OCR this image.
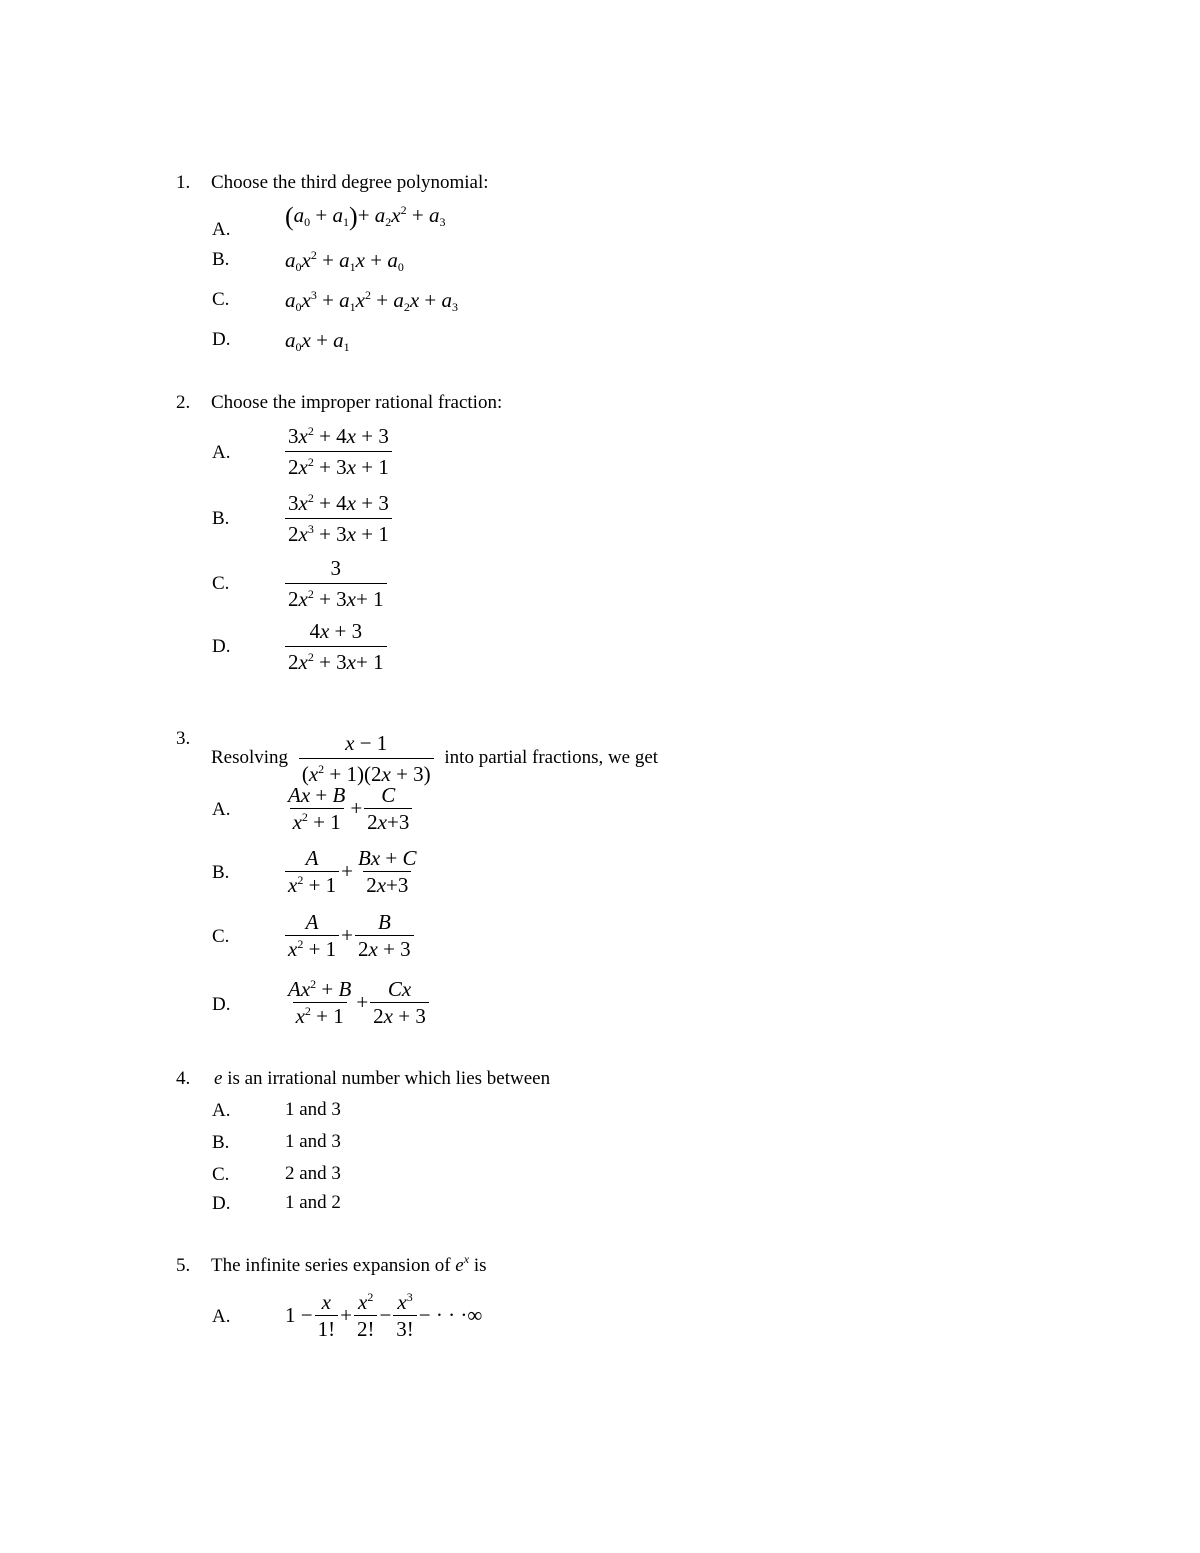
1. Choose the third degree polynomial:
A. $(a_0 + a_1)+ a_2x^2 + a_3$
B.	$a_0x^2 + a_1x + a_0$
C.	$a_0x^3 + a_1x^2 + a_2x + a_3$
D.	$a_0x + a_1$
2. Choose the improper rational fraction:
A.	$\frac{3x^2 + 4x + 3}{2x^2 + 3x + 1}$
B.	$\frac{3x^2 + 4x + 3}{2x^3 + 3x + 1}$
C.	$\frac{3}{2x^2 + 3x+ 1}$
D.	$\frac{4x + 3}{2x^2 + 3x+ 1}$
3.
Resolving $\frac{x - 1}{(x^2 + 1)(2x + 3)}$ into partial fractions, we get
A.	$\frac{Ax + B}{x^2 + 1} + \frac{C}{2x+3}$
B.	$\frac{A}{x^2 + 1} + \frac{Bx + C}{2x+3}$
C.	$\frac{A}{x^2 + 1} + \frac{B}{2x + 3}$
D.	$\frac{Ax^2 + B}{x^2 + 1} + \frac{Cx}{2x + 3}$
4. e is an irrational number which lies between
A.	1 and 3
B.	1 and 3
C.	2 and 3
D.	1 and 2
5. The infinite series expansion of $e^x$ is
A.	$1 - \frac{x}{1!} + \frac{x^2}{2!} - \frac{x^3}{3!}$ − · · ·∞
